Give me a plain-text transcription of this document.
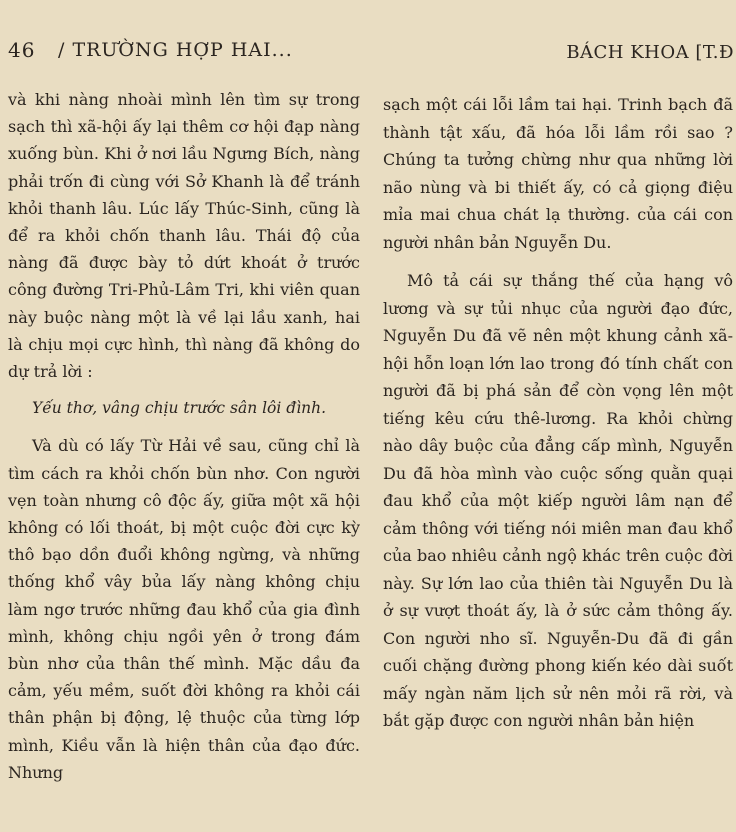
46 / TRƯỜNG HỢP HAI...	BÁCH KHOA [T.Đ

và khi nàng nhoài mình lên tìm sự trong sạch thì xã-hội ấy lại thêm cơ hội đạp nàng xuống bùn. Khi ở nơi lầu Ngưng Bích, nàng phải trốn đi cùng với Sở Khanh là để tránh khỏi thanh lâu. Lúc lấy Thúc-Sinh, cũng là để ra khỏi chốn thanh lâu. Thái độ của nàng đã được bày tỏ dứt khoát ở trước công đường Tri-Phủ-Lâm Tri, khi viên quan này buộc nàng một là về lại lầu xanh, hai là chịu mọi cực hình, thì nàng đã không do dự trả lời :

Yếu thơ, vâng chịu trước sân lôi đình.

Và dù có lấy Từ Hải về sau, cũng chỉ là tìm cách ra khỏi chốn bùn nhơ. Con người vẹn toàn nhưng cô độc ấy, giữa một xã hội không có lối thoát, bị một cuộc đời cực kỳ thô bạo dồn đuổi không ngừng, và những thống khổ vây bủa lấy nàng không chịu làm ngơ trước những đau khổ của gia đình mình, không chịu ngồi yên ở trong đám bùn nhơ của thân thế mình. Mặc dầu đa cảm, yếu mềm, suốt đời không ra khỏi cái thân phận bị động, lệ thuộc của từng lớp mình, Kiều vẫn là hiện thân của đạo đức. Nhưng

sạch một cái lỗi lầm tai hại. Trinh bạch đã thành tật xấu, đã hóa lỗi lầm rồi sao ? Chúng ta tưởng chừng như qua những lời não nùng và bi thiết ấy, có cả giọng điệu mỉa mai chua chát lạ thường. của cái con người nhân bản Nguyễn Du.

Mô tả cái sự thắng thế của hạng vô lương và sự tủi nhục của người đạo đức, Nguyễn Du đã vẽ nên một khung cảnh xã-hội hỗn loạn lớn lao trong đó tính chất con người đã bị phá sản để còn vọng lên một tiếng kêu cứu thê-lương. Ra khỏi chừng nào dây buộc của đẳng cấp mình, Nguyễn Du đã hòa mình vào cuộc sống quằn quại đau khổ của một kiếp người lâm nạn để cảm thông với tiếng nói miên man đau khổ của bao nhiêu cảnh ngộ khác trên cuộc đời này. Sự lớn lao của thiên tài Nguyễn Du là ở sự vượt thoát ấy, là ở sức cảm thông ấy. Con người nho sĩ. Nguyễn-Du đã đi gần cuối chặng đường phong kiến kéo dài suốt mấy ngàn năm lịch sử nên mỏi rã rời, và bắt gặp được con người nhân bản hiện
